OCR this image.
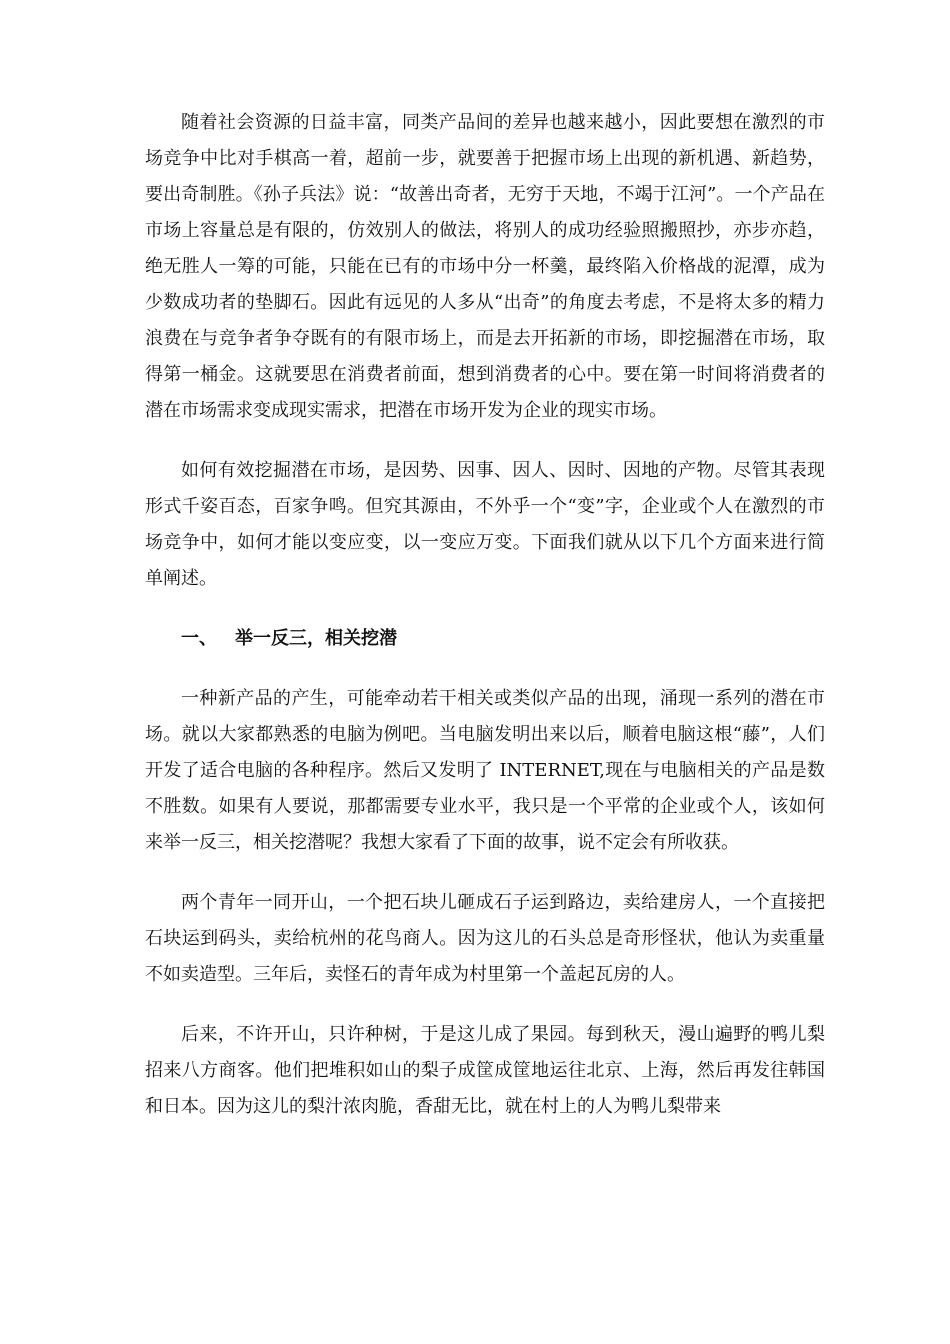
随着社会资源的日益丰富，同类产品间的差异也越来越小，因此要想在激烈的市场竞争中比对手棋高一着，超前一步，就要善于把握市场上出现的新机遇、新趋势，要出奇制胜。《孙子兵法》说：“故善出奇者，无穷于天地，不竭于江河”。一个产品在市场上容量总是有限的，仿效别人的做法，将别人的成功经验照搬照抄，亦步亦趋，绝无胜人一筹的可能，只能在已有的市场中分一杯羹，最终陷入价格战的泥潭，成为少数成功者的垫脚石。因此有远见的人多从“出奇”的角度去考虑，不是将太多的精力浪费在与竞争者争夺既有的有限市场上，而是去开拓新的市场，即挖掘潜在市场，取得第一桶金。这就要思在消费者前面，想到消费者的心中。要在第一时间将消费者的潜在市场需求变成现实需求，把潜在市场开发为企业的现实市场。

如何有效挖掘潜在市场，是因势、因事、因人、因时、因地的产物。尽管其表现形式千姿百态，百家争鸣。但究其源由，不外乎一个“变”字，企业或个人在激烈的市场竞争中，如何才能以变应变，以一变应万变。下面我们就从以下几个方面来进行简单阐述。

一、 举一反三，相关挖潜

一种新产品的产生，可能牵动若干相关或类似产品的出现，涌现一系列的潜在市场。就以大家都熟悉的电脑为例吧。当电脑发明出来以后，顺着电脑这根“藤”，人们开发了适合电脑的各种程序。然后又发明了 INTERNET,现在与电脑相关的产品是数不胜数。如果有人要说，那都需要专业水平，我只是一个平常的企业或个人，该如何来举一反三，相关挖潜呢？我想大家看了下面的故事，说不定会有所收获。

两个青年一同开山，一个把石块儿砸成石子运到路边，卖给建房人，一个直接把石块运到码头，卖给杭州的花鸟商人。因为这儿的石头总是奇形怪状，他认为卖重量不如卖造型。三年后，卖怪石的青年成为村里第一个盖起瓦房的人。

后来，不许开山，只许种树，于是这儿成了果园。每到秋天，漫山遍野的鸭儿梨招来八方商客。他们把堆积如山的梨子成筐成筐地运往北京、上海，然后再发往韩国和日本。因为这儿的梨汁浓肉脆，香甜无比，就在村上的人为鸭儿梨带来
